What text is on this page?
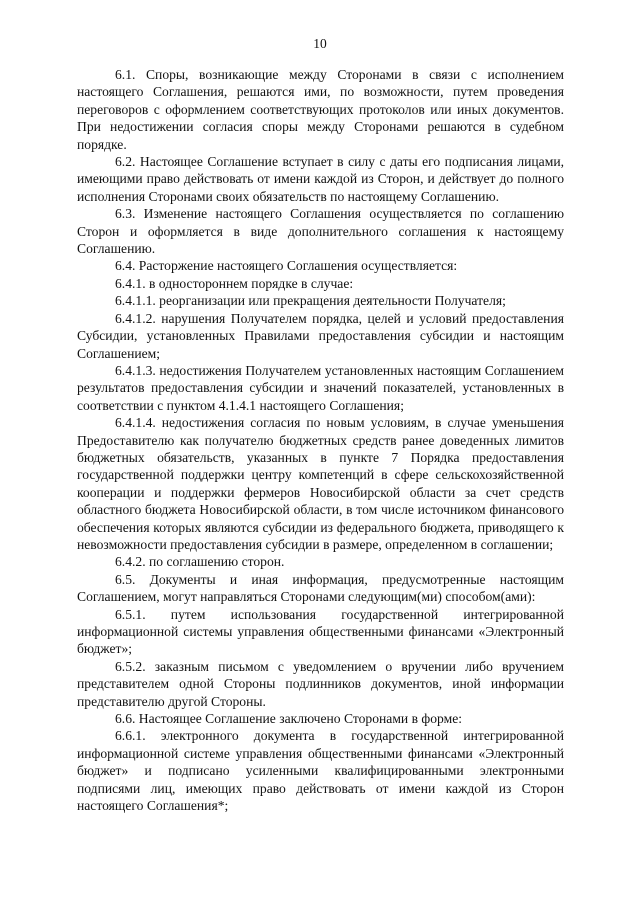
10

6.1. Споры, возникающие между Сторонами в связи с исполнением настоящего Соглашения, решаются ими, по возможности, путем проведения переговоров с оформлением соответствующих протоколов или иных документов. При недостижении согласия споры между Сторонами решаются в судебном порядке.

6.2. Настоящее Соглашение вступает в силу с даты его подписания лицами, имеющими право действовать от имени каждой из Сторон, и действует до полного исполнения Сторонами своих обязательств по настоящему Соглашению.

6.3. Изменение настоящего Соглашения осуществляется по соглашению Сторон и оформляется в виде дополнительного соглашения к настоящему Соглашению.

6.4. Расторжение настоящего Соглашения осуществляется:

6.4.1. в одностороннем порядке в случае:

6.4.1.1. реорганизации или прекращения деятельности Получателя;

6.4.1.2. нарушения Получателем порядка, целей и условий предоставления Субсидии, установленных Правилами предоставления субсидии и настоящим Соглашением;

6.4.1.3. недостижения Получателем установленных настоящим Соглашением результатов предоставления субсидии и значений показателей, установленных в соответствии с пунктом 4.1.4.1 настоящего Соглашения;

6.4.1.4. недостижения согласия по новым условиям, в случае уменьшения Предоставителю как получателю бюджетных средств ранее доведенных лимитов бюджетных обязательств, указанных в пункте 7 Порядка предоставления государственной поддержки центру компетенций в сфере сельскохозяйственной кооперации и поддержки фермеров Новосибирской области за счет средств областного бюджета Новосибирской области, в том числе источником финансового обеспечения которых являются субсидии из федерального бюджета, приводящего к невозможности предоставления субсидии в размере, определенном в соглашении;

6.4.2. по соглашению сторон.

6.5. Документы и иная информация, предусмотренные настоящим Соглашением, могут направляться Сторонами следующим(ми) способом(ами):

6.5.1. путем использования государственной интегрированной информационной системы управления общественными финансами «Электронный бюджет»;

6.5.2. заказным письмом с уведомлением о вручении либо вручением представителем одной Стороны подлинников документов, иной информации представителю другой Стороны.

6.6. Настоящее Соглашение заключено Сторонами в форме:

6.6.1. электронного документа в государственной интегрированной информационной системе управления общественными финансами «Электронный бюджет» и подписано усиленными квалифицированными электронными подписями лиц, имеющих право действовать от имени каждой из Сторон настоящего Соглашения*;
